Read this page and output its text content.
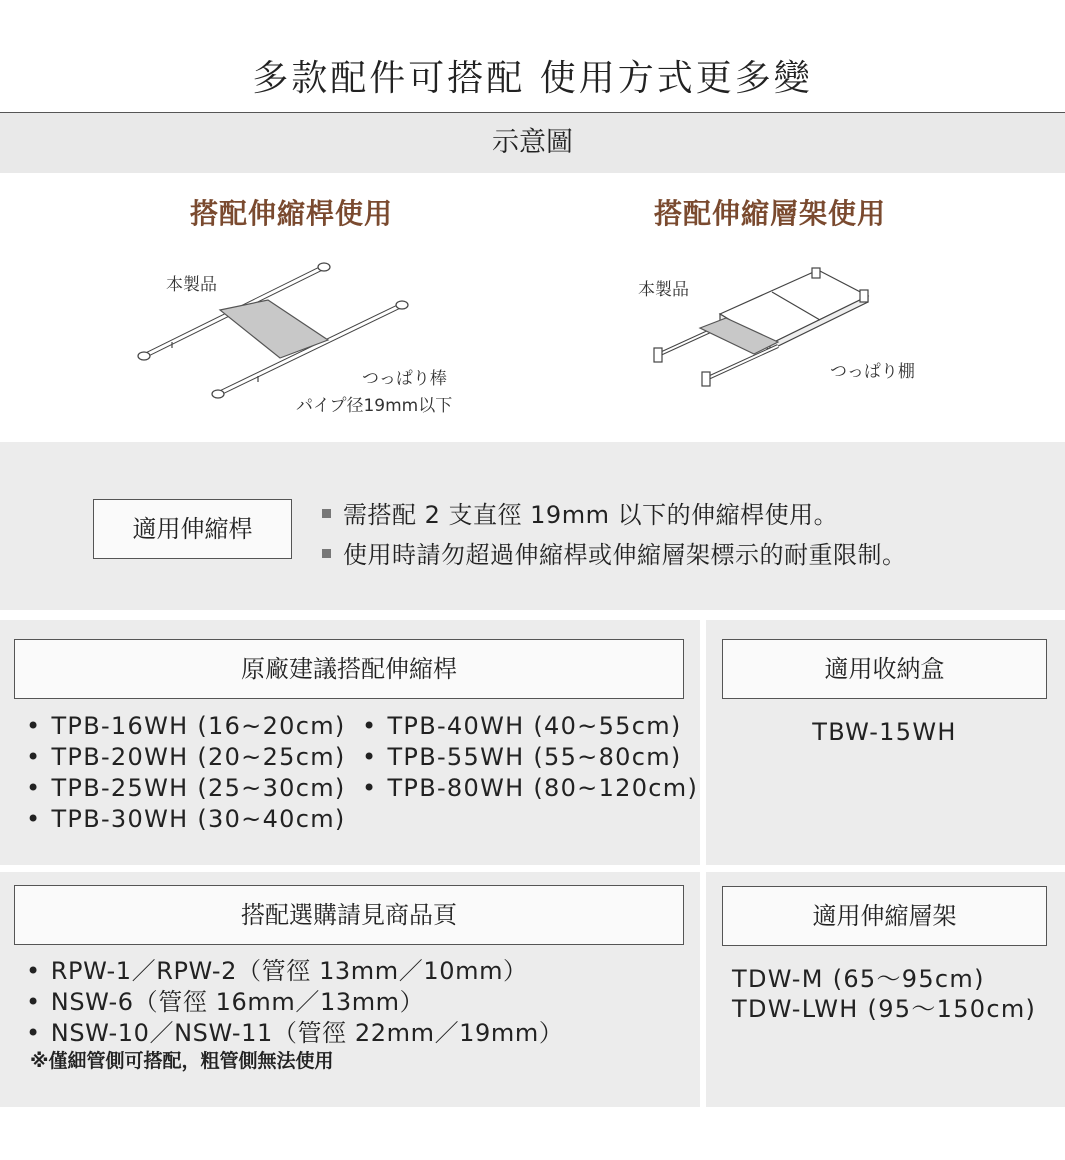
多款配件可搭配 使用方式更多變
示意圖
搭配伸縮桿使用
本製品
つっぱり棒
パイプ径19mm以下
搭配伸縮層架使用
本製品
つっぱり棚
適用伸縮桿	需搭配 2 支直徑 19mm 以下的伸縮桿使用。
使用時請勿超過伸縮桿或伸縮層架標示的耐重限制。
原廠建議搭配伸縮桿
• TPB-16WH (16~20cm)
• TPB-20WH (20~25cm)
• TPB-25WH (25~30cm)
• TPB-30WH (30~40cm)
• TPB-40WH (40~55cm)
• TPB-55WH (55~80cm)
• TPB-80WH (80~120cm)
適用收納盒
TBW-15WH
搭配選購請見商品頁
• RPW-1／RPW-2（管徑 13mm／10mm）
• NSW-6（管徑 16mm／13mm）
• NSW-10／NSW-11（管徑 22mm／19mm）
※僅細管側可搭配，粗管側無法使用
適用伸縮層架
TDW-M (65～95cm)
TDW-LWH (95～150cm)
